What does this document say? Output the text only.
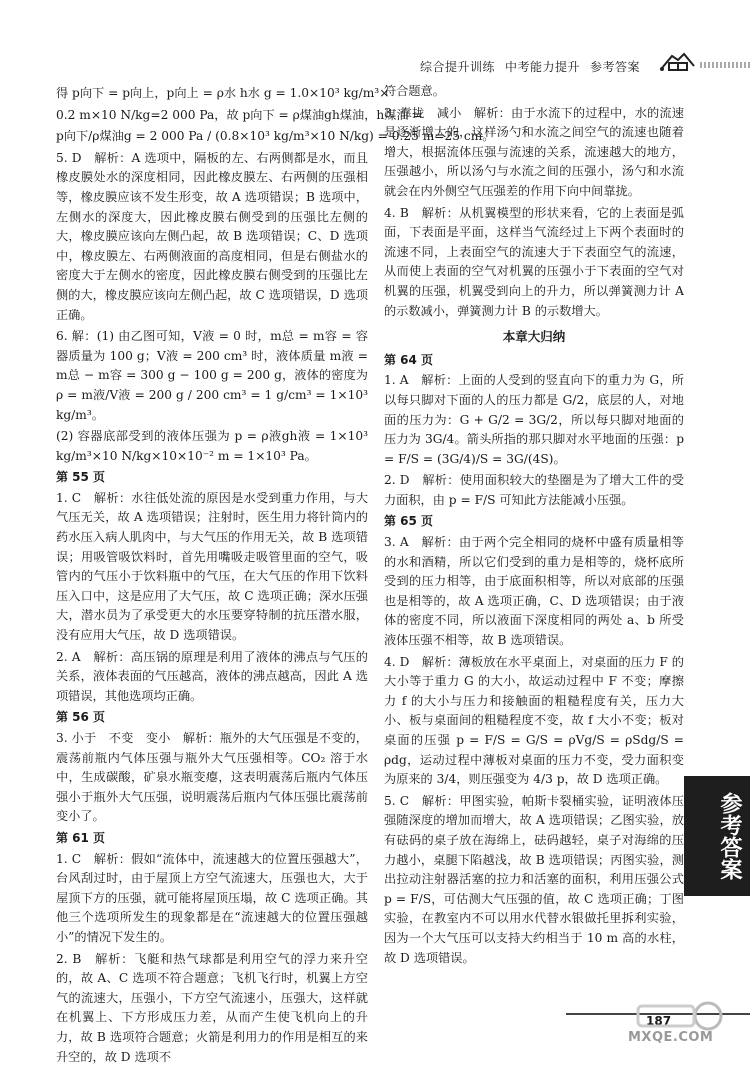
综合提升训练 中考能力提升 参考答案
得 p向下 = p向上，p向上 = ρ水 h水 g = 1.0×10³ kg/m³×
0.2 m×10 N/kg=2 000 Pa，故 p向下 = ρ煤油gh煤油，h煤油 =
p向下/ρ煤油g = 2 000 Pa / (0.8×10³ kg/m³×10 N/kg) = 0.25 m=25 cm。

5. D　解析：A 选项中，隔板的左、右两侧都是水，而且橡皮膜处水的深度相同，因此橡皮膜左、右两侧的压强相等，橡皮膜应该不发生形变，故 A 选项错误；B 选项中，左侧水的深度大，因此橡皮膜右侧受到的压强比左侧的大，橡皮膜应该向左侧凸起，故 B 选项错误；C、D 选项中，橡皮膜左、右两侧液面的高度相同，但是右侧盐水的密度大于左侧水的密度，因此橡皮膜右侧受到的压强比左侧的大，橡皮膜应该向左侧凸起，故 C 选项错误，D 选项正确。

6. 解：(1) 由乙图可知，V液 = 0 时，m总 = m容 = 容器质量为 100 g；V液 = 200 cm³ 时，液体质量 m液 = m总 − m容 = 300 g − 100 g = 200 g，液体的密度为 ρ = m液/V液 = 200 g / 200 cm³ = 1 g/cm³ = 1×10³ kg/m³。

(2) 容器底部受到的液体压强为 p = ρ液gh液 = 1×10³ kg/m³×10 N/kg×10×10⁻² m = 1×10³ Pa。

第 55 页

1. C　解析：水往低处流的原因是水受到重力作用，与大气压无关，故 A 选项错误；注射时，医生用力将针筒内的药水压入病人肌肉中，与大气压的作用无关，故 B 选项错误；用吸管吸饮料时，首先用嘴吸走吸管里面的空气，吸管内的气压小于饮料瓶中的气压，在大气压的作用下饮料压入口中，这是应用了大气压，故 C 选项正确；深水压强大，潜水员为了承受更大的水压要穿特制的抗压潜水服，没有应用大气压，故 D 选项错误。

2. A　解析：高压锅的原理是利用了液体的沸点与气压的关系，液体表面的气压越高，液体的沸点越高，因此 A 选项错误，其他选项均正确。

第 56 页

3. 小于　不变　变小　解析：瓶外的大气压强是不变的，震荡前瓶内气体压强与瓶外大气压强相等。CO₂ 溶于水中，生成碳酸，矿泉水瓶变瘪，这表明震荡后瓶内气体压强小于瓶外大气压强，说明震荡后瓶内气体压强比震荡前变小了。

第 61 页

1. C　解析：假如“流体中，流速越大的位置压强越大”，台风刮过时，由于屋顶上方空气流速大，压强也大，大于屋顶下方的压强，就可能将屋顶压塌，故 C 选项正确。其他三个选项所发生的现象都是在“流速越大的位置压强越小”的情况下发生的。

2. B　解析：飞艇和热气球都是利用空气的浮力来升空的，故 A、C 选项不符合题意；飞机飞行时，机翼上方空气的流速大，压强小，下方空气流速小，压强大，这样就在机翼上、下方形成压力差，从而产生使飞机向上的升力，故 B 选项符合题意；火箭是利用力的作用是相互的来升空的，故 D 选项不

符合题意。

3. 靠拢　减小　解析：由于水流下的过程中，水的流速是逐渐增大的，这样汤勺和水流之间空气的流速也随着增大，根据流体压强与流速的关系，流速越大的地方，压强越小，所以汤勺与水流之间的压强小，汤勺和水流就会在内外侧空气压强差的作用下向中间靠拢。

4. B　解析：从机翼模型的形状来看，它的上表面是弧面，下表面是平面，这样当气流经过上下两个表面时的流速不同，上表面空气的流速大于下表面空气的流速，从而使上表面的空气对机翼的压强小于下表面的空气对机翼的压强，机翼受到向上的升力，所以弹簧测力计 A 的示数减小，弹簧测力计 B 的示数增大。

本章大归纳
第 64 页

1. A　解析：上面的人受到的竖直向下的重力为 G，所以每只脚对下面的人的压力都是 G/2，底层的人，对地面的压力为：G + G/2 = 3G/2，所以每只脚对地面的压力为 3G/4。箭头所指的那只脚对水平地面的压强：p = F/S = (3G/4)/S = 3G/(4S)。

2. D　解析：使用面积较大的垫圈是为了增大工件的受力面积，由 p = F/S 可知此方法能减小压强。

第 65 页

3. A　解析：由于两个完全相同的烧杯中盛有质量相等的水和酒精，所以它们受到的重力是相等的，烧杯底所受到的压力相等，由于底面积相等，所以对底部的压强也是相等的，故 A 选项正确，C、D 选项错误；由于液体的密度不同，所以液面下深度相同的两处 a、b 所受液体压强不相等，故 B 选项错误。

4. D　解析：薄板放在水平桌面上，对桌面的压力 F 的大小等于重力 G 的大小，故运动过程中 F 不变；摩擦力 f 的大小与压力和接触面的粗糙程度有关，压力大小、板与桌面间的粗糙程度不变，故 f 大小不变；板对桌面的压强 p = F/S = G/S = ρVg/S = ρSdg/S = ρdg，运动过程中薄板对桌面的压力不变，受力面积变为原来的 3/4，则压强变为 4/3 p，故 D 选项正确。

5. C　解析：甲图实验，帕斯卡裂桶实验，证明液体压强随深度的增加而增大，故 A 选项错误；乙图实验，放有砝码的桌子放在海绵上，砝码越轻，桌子对海绵的压力越小，桌腿下陷越浅，故 B 选项错误；丙图实验，测出拉动注射器活塞的拉力和活塞的面积，利用压强公式 p = F/S，可估测大气压强的值，故 C 选项正确；丁图实验，在教室内不可以用水代替水银做托里拆利实验，因为一个大气压可以支持大约相当于 10 m 高的水柱，故 D 选项错误。

参考答案
187
MXQE.COM
